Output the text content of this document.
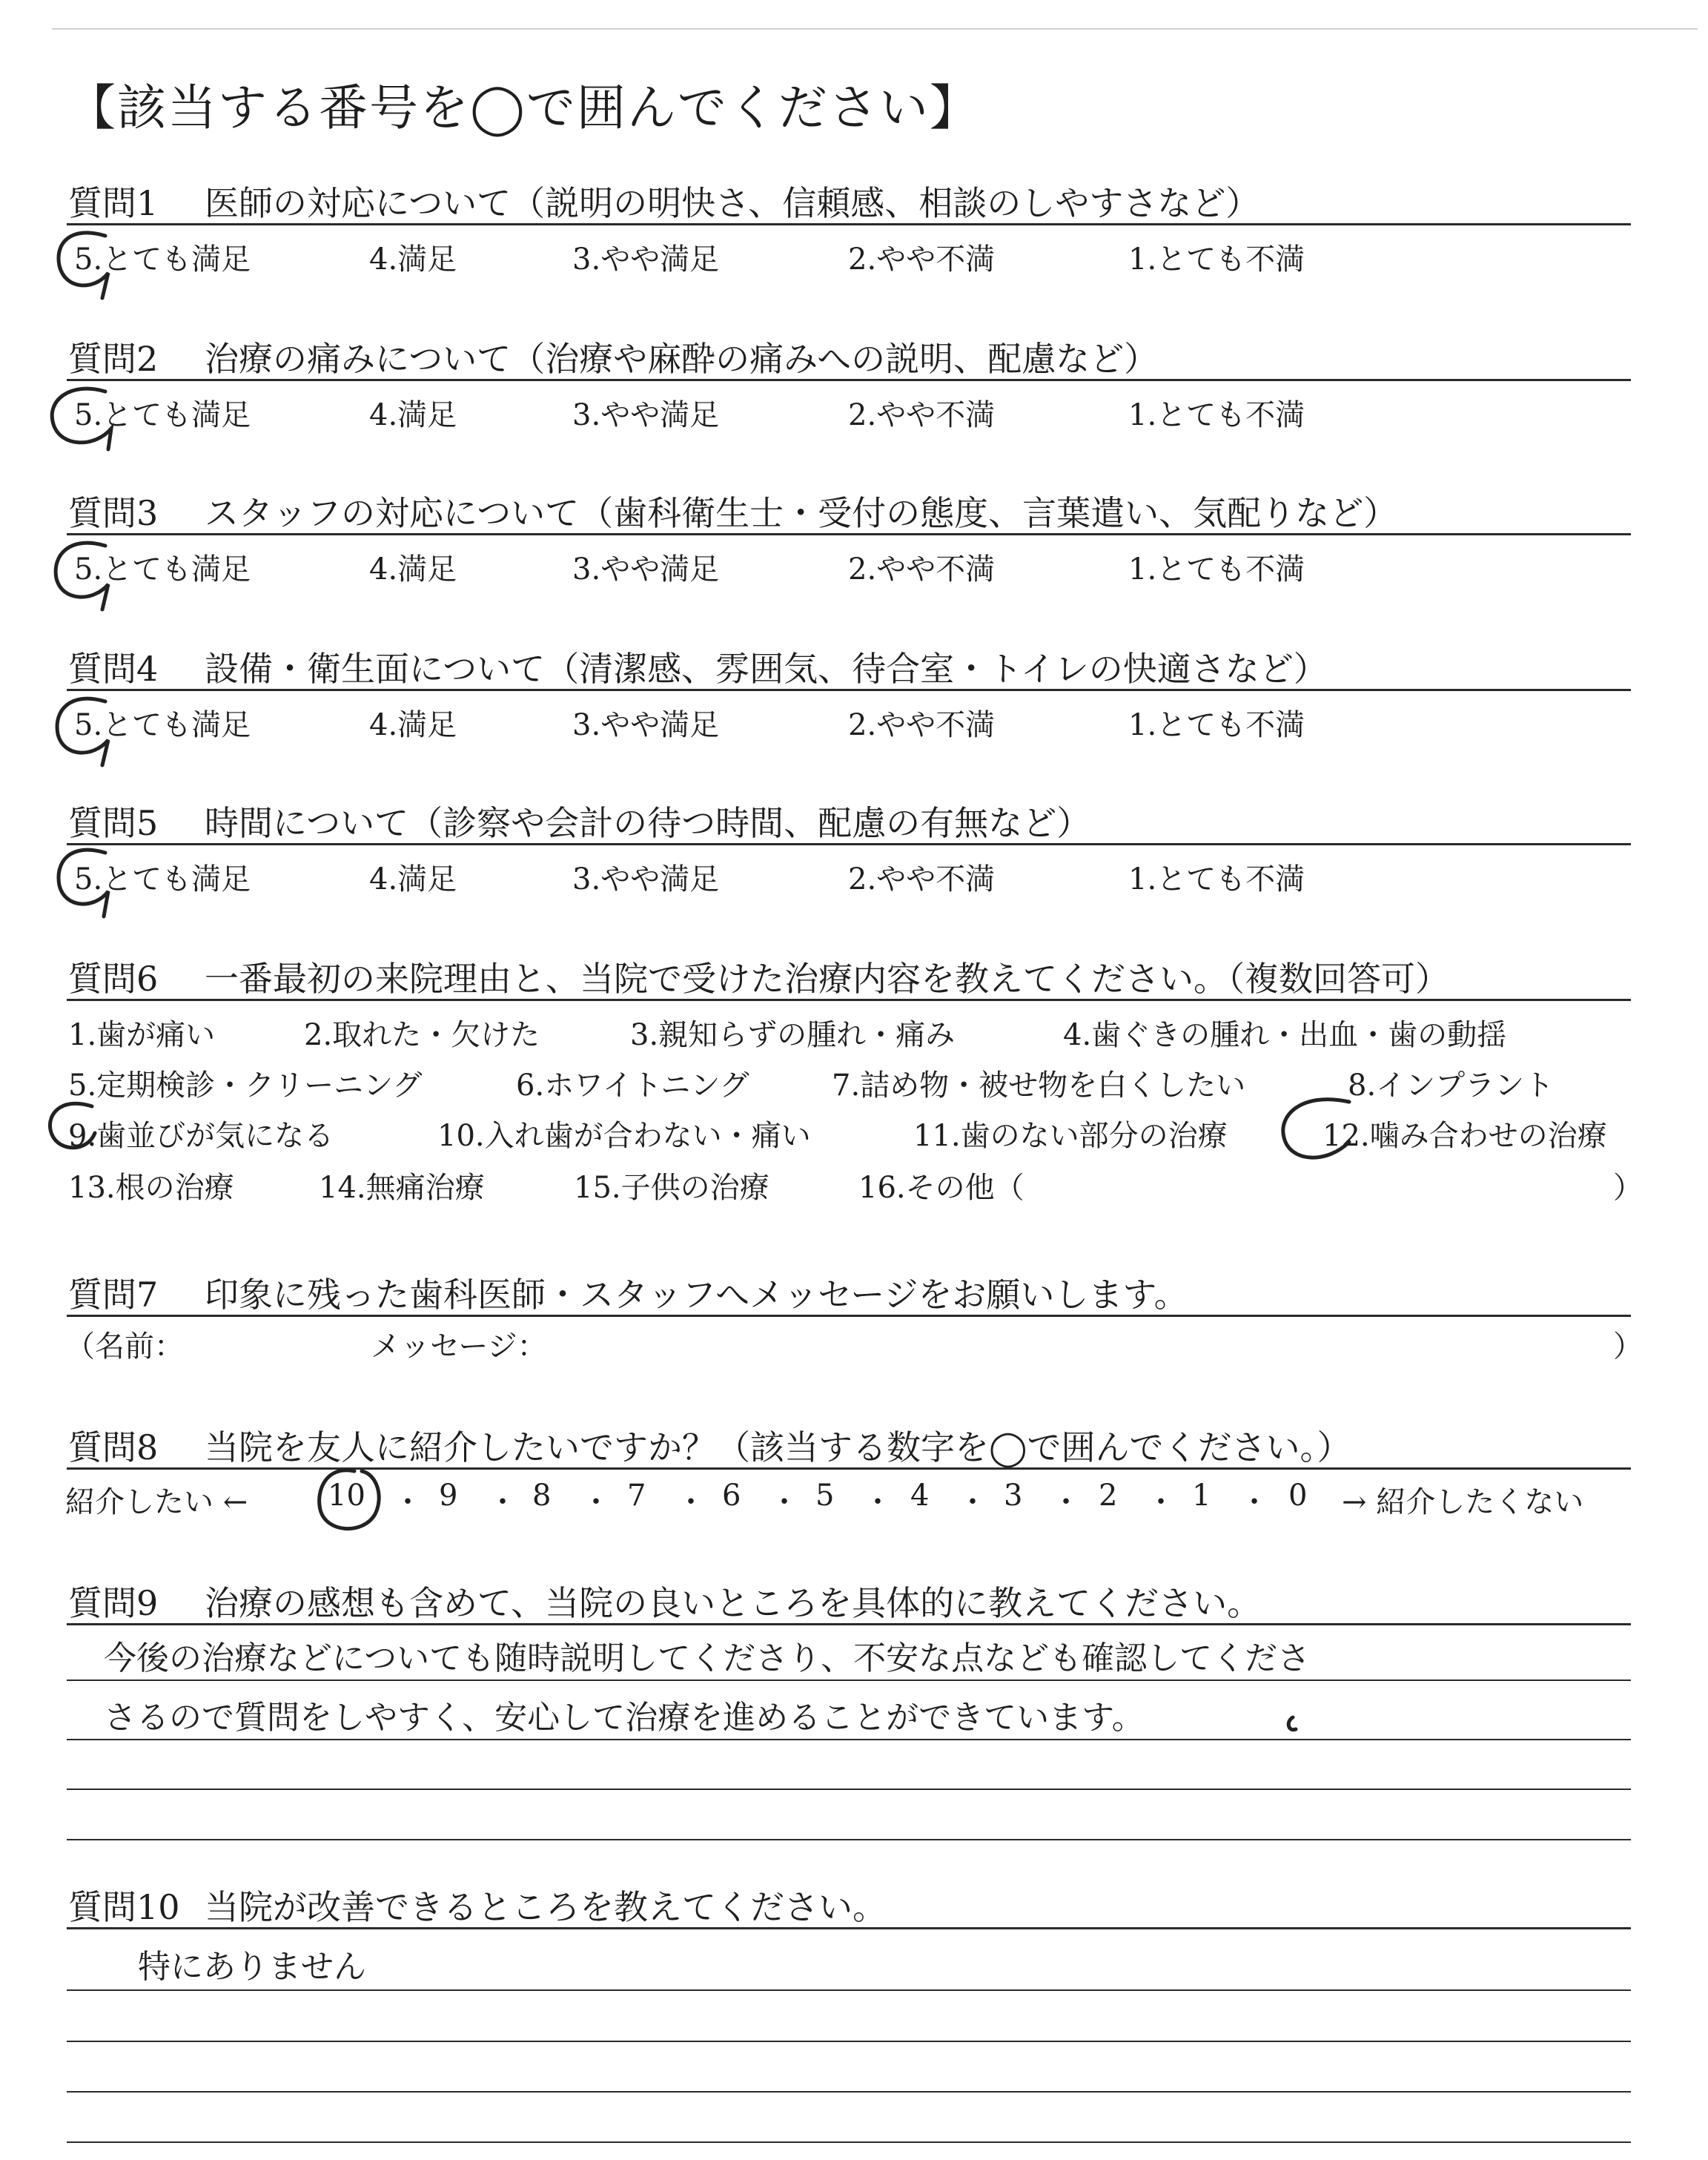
【該当する番号を◯で囲んでください】
質問1 医師の対応について（説明の明快さ、信頼感、相談のしやすさなど）
5.とても満足	4.満足	3.やや満足	2.やや不満	1.とても不満
質問2 治療の痛みについて（治療や麻酔の痛みへの説明、配慮など）
5.とても満足	4.満足	3.やや満足	2.やや不満	1.とても不満
質問3 スタッフの対応について（歯科衛生士・受付の態度、言葉遣い、気配りなど）
5.とても満足	4.満足	3.やや満足	2.やや不満	1.とても不満
質問4 設備・衛生面について（清潔感、雰囲気、待合室・トイレの快適さなど）
5.とても満足	4.満足	3.やや満足	2.やや不満	1.とても不満
質問5 時間について（診察や会計の待つ時間、配慮の有無など）
5.とても満足	4.満足	3.やや満足	2.やや不満	1.とても不満
質問6 一番最初の来院理由と、当院で受けた治療内容を教えてください。（複数回答可）
1.歯が痛い	2.取れた・欠けた	3.親知らずの腫れ・痛み	4.歯ぐきの腫れ・出血・歯の動揺
5.定期検診・クリーニング	6.ホワイトニング	7.詰め物・被せ物を白くしたい	8.インプラント
9.歯並びが気になる	10.入れ歯が合わない・痛い	11.歯のない部分の治療	12.噛み合わせの治療
13.根の治療	14.無痛治療	15.子供の治療	16.その他（	）
質問7 印象に残った歯科医師・スタッフへメッセージをお願いします。
（名前：	メッセージ：	）
質問8 当院を友人に紹介したいですか？（該当する数字を◯で囲んでください。）
紹介したい ←	10 ・ 9 ・ 8 ・ 7 ・ 6 ・ 5 ・ 4 ・ 3 ・ 2 ・ 1 ・ 0 → 紹介したくない
質問9 治療の感想も含めて、当院の良いところを具体的に教えてください。
今後の治療などについても随時説明してくださり、不安な点なども確認してくださ
さるので質問をしやすく、安心して治療を進めることができています。
質問10 当院が改善できるところを教えてください。
特にありません
